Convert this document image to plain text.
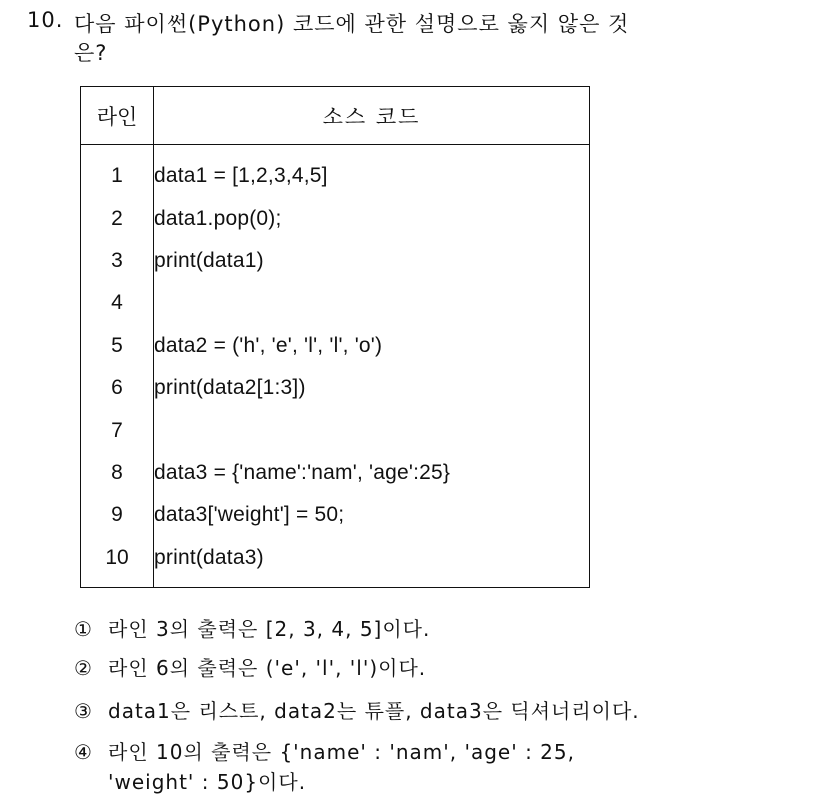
10. 다음 파이썬(Python) 코드에 관한 설명으로 옳지 않은 것
은?
라인	소스 코드
1	data1 = [1,2,3,4,5]
2	data1.pop(0);
3	print(data1)
4	
5	data2 = ('h', 'e', 'l', 'l', 'o')
6	print(data2[1:3])
7	
8	data3 = {'name':'nam', 'age':25}
9	data3['weight'] = 50;
10	print(data3)
① 라인 3의 출력은 [2, 3, 4, 5]이다.
② 라인 6의 출력은 ('e', 'l', 'l')이다.
③ data1은 리스트, data2는 튜플, data3은 딕셔너리이다.
④ 라인 10의 출력은 {'name' : 'nam', 'age' : 25,
'weight' : 50}이다.
